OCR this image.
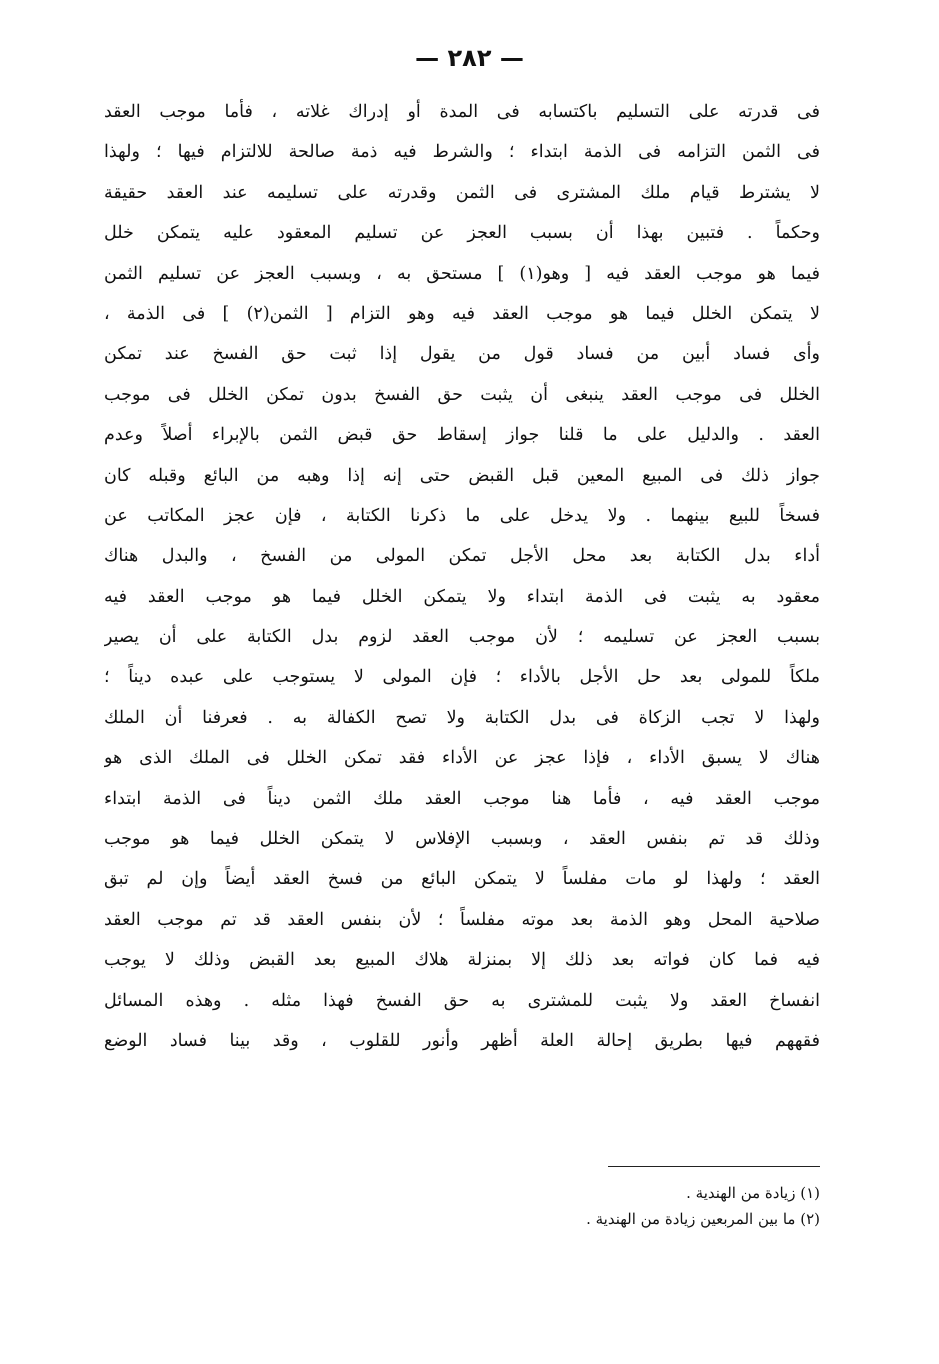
— ٢٨٢ —
فى قدرته على التسليم باكتسابه فى المدة أو إدراك غلاته ، فأما موجب العقد
فى الثمن التزامه فى الذمة ابتداء ؛ والشرط فيه ذمة صالحة للالتزام فيها ؛ ولهذا
لا يشترط قيام ملك المشترى فى الثمن وقدرته على تسليمه عند العقد حقيقة
وحكماً . فتبين بهذا أن بسبب العجز عن تسليم المعقود عليه يتمكن خلل
فيما هو موجب العقد فيه [ وهو(١) ] مستحق به ، وبسبب العجز عن تسليم الثمن
لا يتمكن الخلل فيما هو موجب العقد فيه وهو التزام [ الثمن(٢) ] فى الذمة ،
وأى فساد أبين من فساد قول من يقول إذا ثبت حق الفسخ عند تمكن
الخلل فى موجب العقد ينبغى أن يثبت حق الفسخ بدون تمكن الخلل فى موجب
العقد . والدليل على ما قلنا جواز إسقاط حق قبض الثمن بالإبراء أصلاً وعدم
جواز ذلك فى المبيع المعين قبل القبض حتى إنه إذا وهبه من البائع وقبله كان
فسخاً للبيع بينهما . ولا يدخل على ما ذكرنا الكتابة ، فإن عجز المكاتب عن
أداء بدل الكتابة بعد محل الأجل تمكن المولى من الفسخ ، والبدل هناك
معقود به يثبت فى الذمة ابتداء ولا يتمكن الخلل فيما هو موجب العقد فيه
بسبب العجز عن تسليمه ؛ لأن موجب العقد لزوم بدل الكتابة على أن يصير
ملكاً للمولى بعد حل الأجل بالأداء ؛ فإن المولى لا يستوجب على عبده ديناً ؛
ولهذا لا تجب الزكاة فى بدل الكتابة ولا تصح الكفالة به . فعرفنا أن الملك
هناك لا يسبق الأداء ، فإذا عجز عن الأداء فقد تمكن الخلل فى الملك الذى هو
موجب العقد فيه ، فأما هنا موجب العقد ملك الثمن ديناً فى الذمة ابتداء
وذلك قد تم بنفس العقد ، وبسبب الإفلاس لا يتمكن الخلل فيما هو موجب
العقد ؛ ولهذا لو مات مفلساً لا يتمكن البائع من فسخ العقد أيضاً وإن لم تبق
صلاحية المحل وهو الذمة بعد موته مفلساً ؛ لأن بنفس العقد قد تم موجب العقد
فيه فما كان فواته بعد ذلك إلا بمنزلة هلاك المبيع بعد القبض وذلك لا يوجب
انفساخ العقد ولا يثبت للمشترى به حق الفسخ فهذا مثله . وهذه المسائل
فقههم فيها بطريق إحالة العلة أظهر وأنور للقلوب ، وقد بينا فساد الوضع
(١) زيادة من الهندية .
(٢) ما بين المربعين زيادة من الهندية .
